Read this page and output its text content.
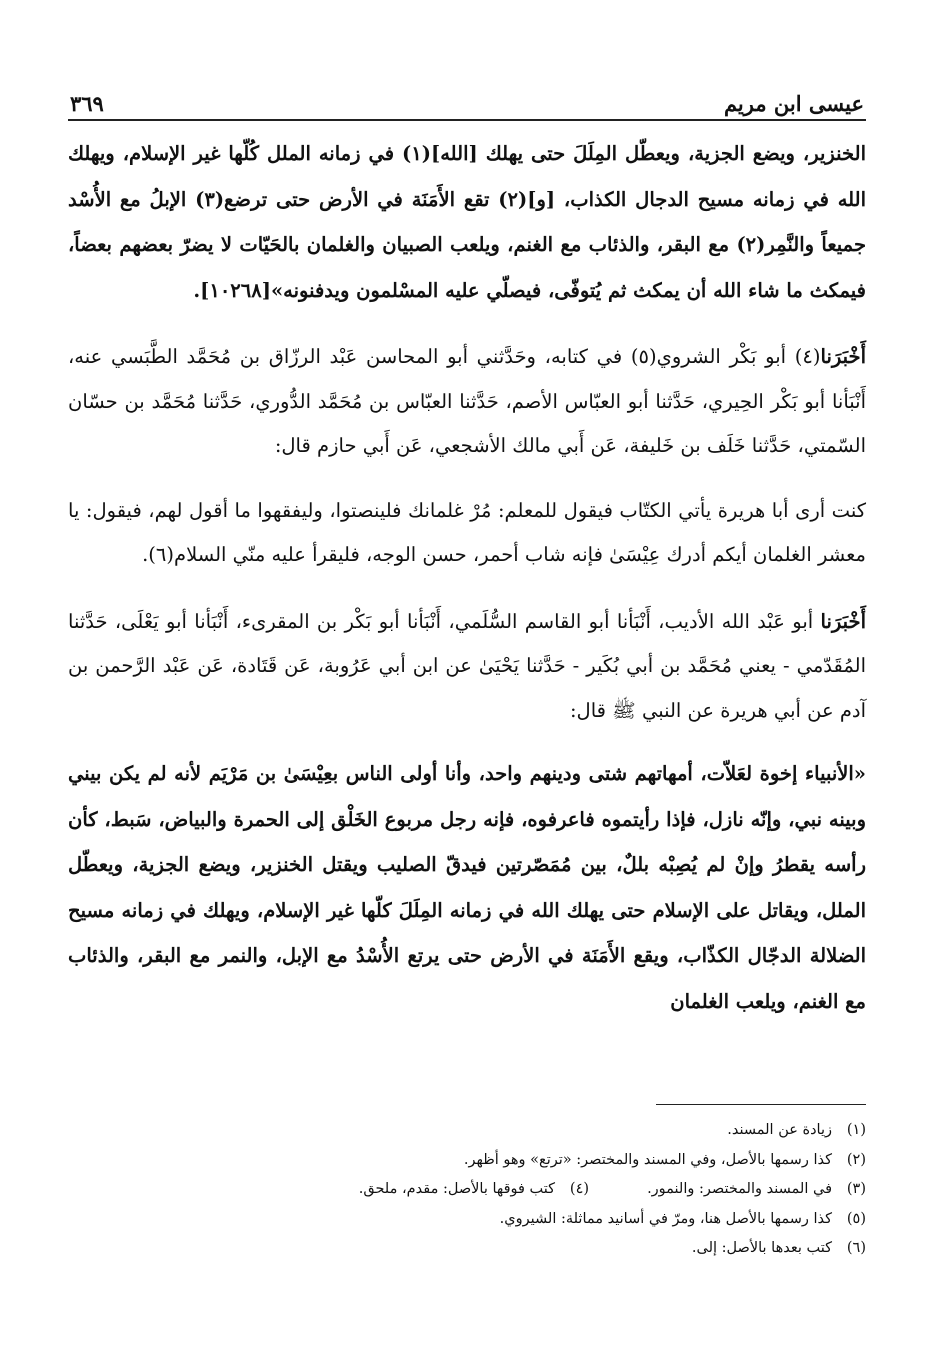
عيسى ابن مريم
٣٦٩

الخنزير، ويضع الجزية، ويعطّل المِلَلَ حتى يهلك [الله](١) في زمانه الملل كُلّها غير الإسلام، ويهلك الله في زمانه مسيح الدجال الكذاب، [و](٢) تقع الأَمَنَة في الأرض حتى ترضع(٣) الإبلُ مع الأُسْد جميعاً والنَّمِر(٢) مع البقر، والذئاب مع الغنم، ويلعب الصبيان والغلمان بالحَيّات لا يضرّ بعضهم بعضاً، فيمكث ما شاء الله أن يمكث ثم يُتوفّى، فيصلّي عليه المسْلمون ويدفنونه»[١٠٢٦٨].

أَخْبَرَنا(٤) أبو بَكْر الشروي(٥) في كتابه، وحَدَّثني أبو المحاسن عَبْد الرزّاق بن مُحَمَّد الطَّبَسي عنه، أَنْبَأنا أبو بَكْر الحِيري، حَدَّثنا أبو العبّاس الأصم، حَدَّثنا العبّاس بن مُحَمَّد الدُّوري، حَدَّثنا مُحَمَّد بن حسّان السّمتي، حَدَّثنا خَلَف بن خَليفة، عَن أَبي مالك الأشجعي، عَن أَبي حازم قال:

كنت أرى أبا هريرة يأتي الكتّاب فيقول للمعلم: مُرْ غلمانك فلينصتوا، وليفقهوا ما أقول لهم، فيقول: يا معشر الغلمان أيكم أدرك عِيْسَىٰ فإنه شاب أحمر، حسن الوجه، فليقرأ عليه منّي السلام(٦).

أَخْبَرَنا أبو عَبْد الله الأديب، أَنْبَأنا أبو القاسم السُّلَمي، أَنْبَأنا أبو بَكْر بن المقرىء، أَنْبَأنا أبو يَعْلَى، حَدَّثنا المُقَدّمي - يعني مُحَمَّد بن أبي بُكَير - حَدَّثنا يَحْيَىٰ عن ابن أبي عَرُوبة، عَن قَتَادة، عَن عَبْد الرَّحمن بن آدم عن أبي هريرة عن النبي ﷺ قال:

«الأنبياء إخوة لعَلاّت، أمهاتهم شتى ودينهم واحد، وأنا أولى الناس بعِيْسَىٰ بن مَرْيَم لأنه لم يكن بيني وبينه نبي، وإنّه نازل، فإذا رأيتموه فاعرفوه، فإنه رجل مربوع الخَلْق إلى الحمرة والبياض، سَبط، كأن رأسه يقطرُ وإنْ لم يُصِبْه بللٌ، بين مُمَصّرتين فيدقّ الصليب ويقتل الخنزير، ويضع الجزية، ويعطّل الملل، ويقاتل على الإسلام حتى يهلك الله في زمانه المِلَلَ كلّها غير الإسلام، ويهلك في زمانه مسيح الضلالة الدجّال الكذّاب، ويقع الأَمَنَة في الأرض حتى يرتع الأُسْدُ مع الإبل، والنمر مع البقر، والذئاب مع الغنم، ويلعب الغلمان

(١)
زيادة عن المسند.
(٢)
كذا رسمها بالأصل، وفي المسند والمختصر: «ترتع» وهو أظهر.
(٣)
في المسند والمختصر: والنمور.
(٤)
كتب فوقها بالأصل: مقدم، ملحق.
(٥)
كذا رسمها بالأصل هنا، ومرّ في أسانيد مماثلة: الشيروي.
(٦)
كتب بعدها بالأصل: إلى.
